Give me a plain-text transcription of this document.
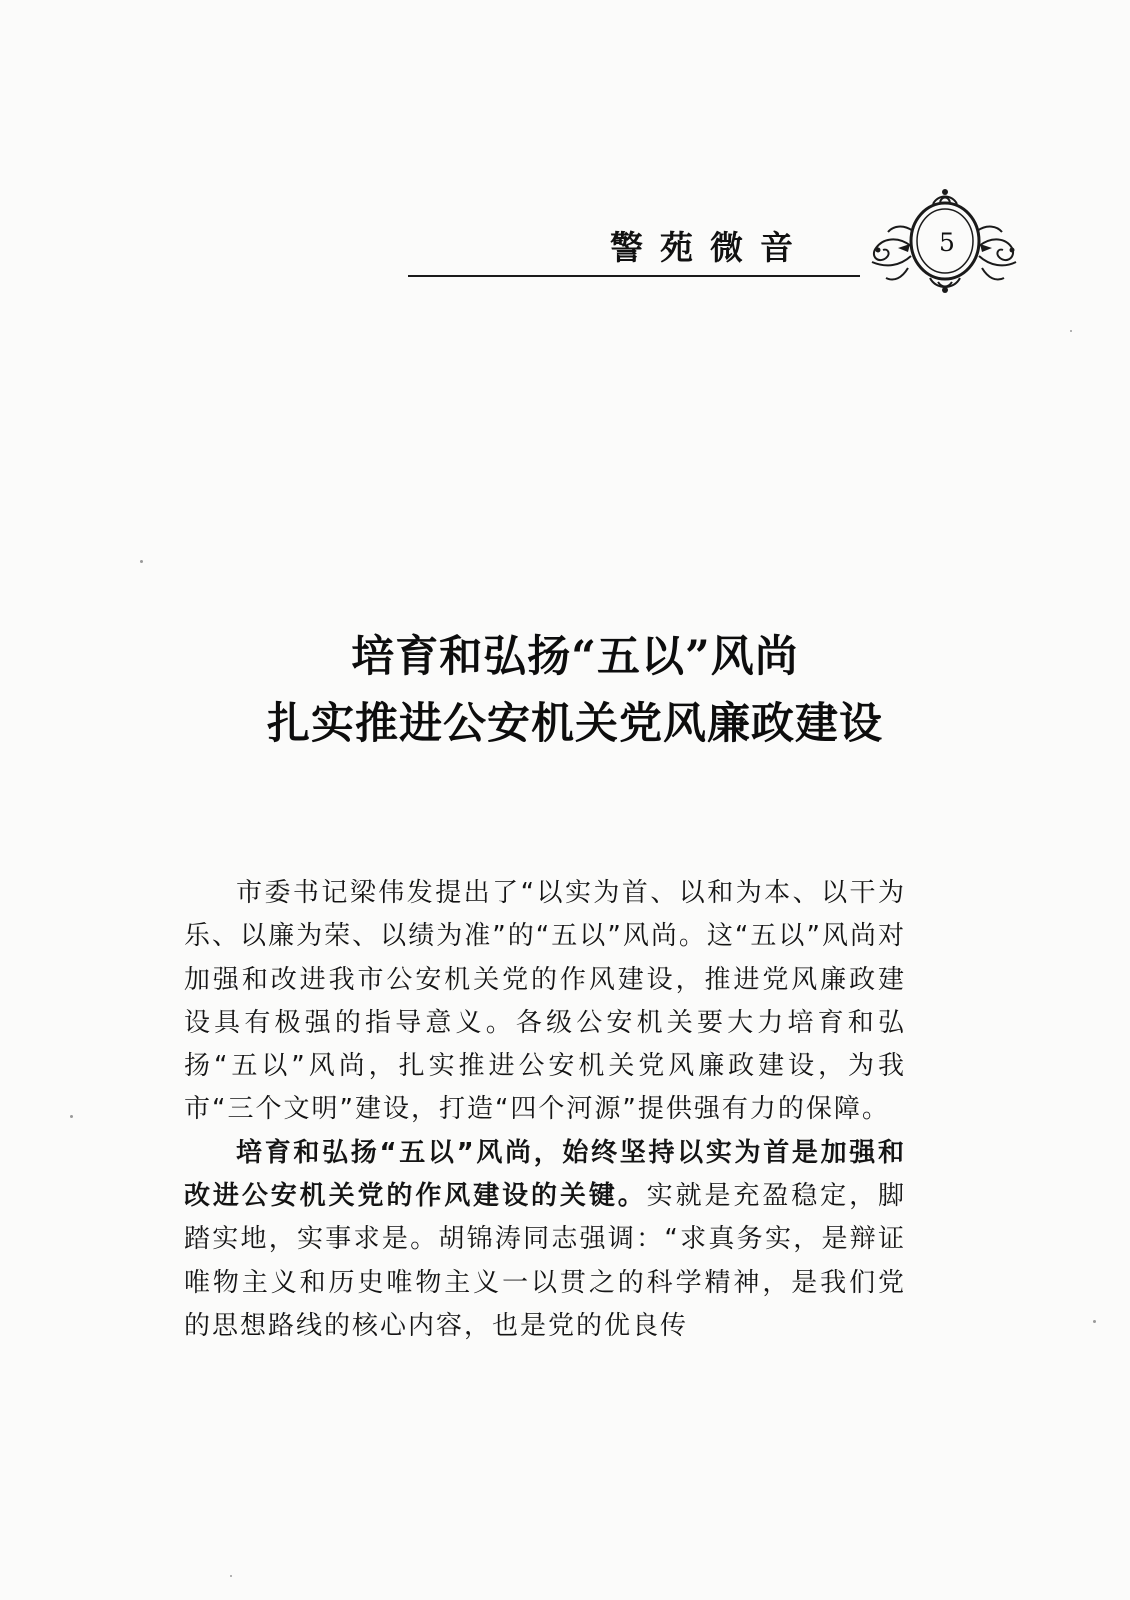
警苑微音	5
培育和弘扬“五以”风尚
扎实推进公安机关党风廉政建设

市委书记梁伟发提出了“以实为首、以和为本、以干为乐、以廉为荣、以绩为准”的“五以”风尚。这“五以”风尚对加强和改进我市公安机关党的作风建设，推进党风廉政建设具有极强的指导意义。各级公安机关要大力培育和弘扬“五以”风尚，扎实推进公安机关党风廉政建设，为我市“三个文明”建设，打造“四个河源”提供强有力的保障。

培育和弘扬“五以”风尚，始终坚持以实为首是加强和改进公安机关党的作风建设的关键。实就是充盈稳定，脚踏实地，实事求是。胡锦涛同志强调：“求真务实，是辩证唯物主义和历史唯物主义一以贯之的科学精神，是我们党的思想路线的核心内容，也是党的优良传
